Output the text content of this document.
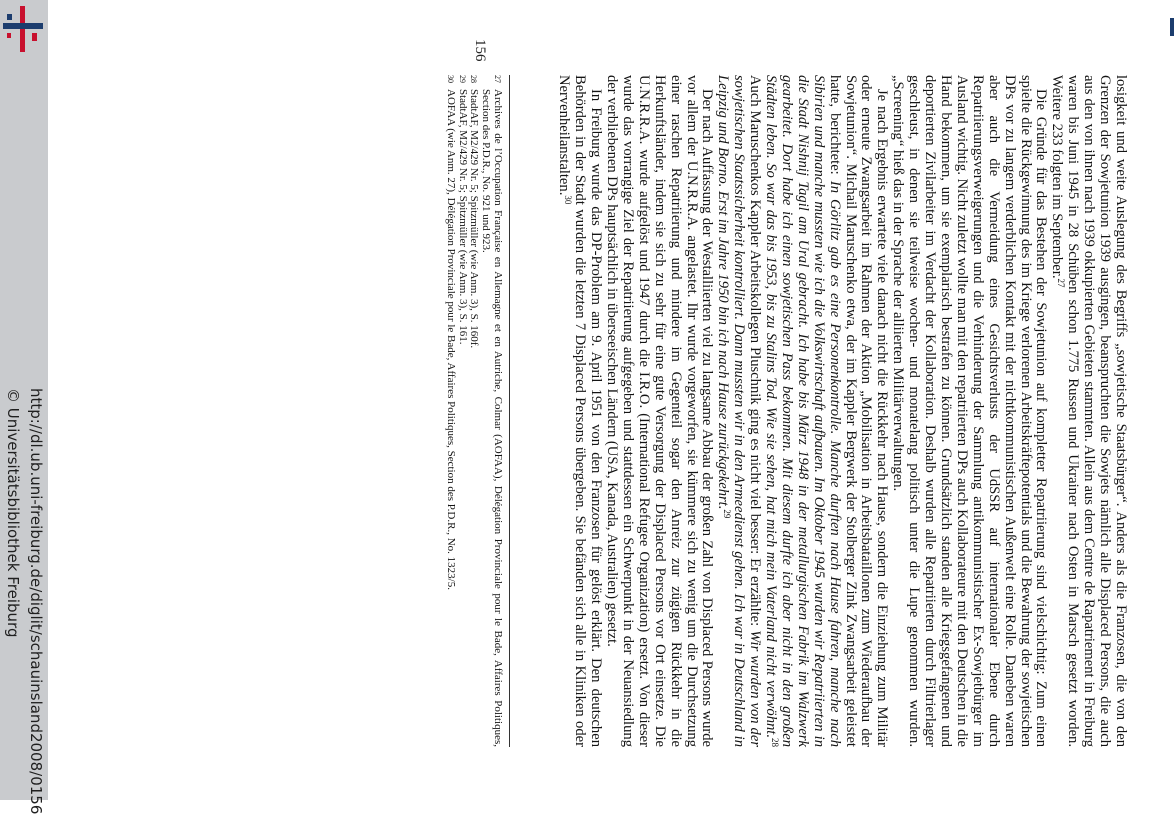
http://dl.ub.uni-freiburg.de/diglit/schauinsland2008/0156
© Universitätsbibliothek Freiburg	losigkeit und weite Auslegung des Begriffs „sowjetische Staatsbürger“. Anders als die Franzosen, die von den Grenzen der Sowjetunion 1939 ausgingen, beanspruchten die Sowjets nämlich alle Displaced Persons, die auch aus den von ihnen nach 1939 okkupierten Gebieten stammten. Allein aus dem Centre de Rapatriement in Freiburg waren bis Juni 1945 in 28 Schüben schon 1.775 Russen und Ukrainer nach Osten in Marsch gesetzt worden. Weitere 233 folgten im September.$^{27}$

Die Gründe für das Bestehen der Sowjetunion auf kompletter Repatriierung sind vielschichtig: Zum einen spielte die Rückgewinnung des im Kriege verlorenen Arbeitskräftepotentials und die Bewahrung der sowjetischen DPs vor zu langem verderblichen Kontakt mit der nichtkommunistischen Außenwelt eine Rolle. Daneben waren aber auch die Vermeidung eines Gesichtsverlusts der UdSSR auf internationaler Ebene durch Repatriierungsverweigerungen und die Verhinderung der Sammlung antikommunistischer Ex-Sowjetbürger im Ausland wichtig. Nicht zuletzt wollte man mit den repatriierten DPs auch Kollaborateure mit den Deutschen in die Hand bekommen, um sie exemplarisch bestrafen zu können. Grundsätzlich standen alle Kriegsgefangenen und deportierten Zivilarbeiter im Verdacht der Kollaboration. Deshalb wurden alle Repatriierten durch Filtrierlager geschleust, in denen sie teilweise wochen- und monatelang politisch unter die Lupe genommen wurden. „Screening“ hieß das in der Sprache der alliierten Militärverwaltungen.

Je nach Ergebnis erwartete viele danach nicht die Rückkehr nach Hause, sondern die Einziehung zum Militär oder erneute Zwangsarbeit im Rahmen der Aktion „Mobilisation in Arbeitsbataillonen zum Wiederaufbau der Sowjetunion“. Michail Maruschenko etwa, der im Kappler Bergwerk der Stolberger Zink Zwangsarbeit geleistet hatte, berichtete: In Görlitz gab es eine Personenkontrolle. Manche durften nach Hause fahren, manche nach Sibirien und manche mussten wie ich die Volkswirtschaft aufbauen. Im Oktober 1945 wurden wir Repatriierten in die Stadt Nishnij Tagil am Ural gebracht. Ich habe bis März 1948 in der metallurgischen Fabrik im Walzwerk gearbeitet. Dort habe ich einen sowjetischen Pass bekommen. Mit diesem durfte ich aber nicht in den großen Städten leben. So war das bis 1953, bis zu Stalins Tod. Wie sie sehen, hat mich mein Vaterland nicht verwöhnt.$^{28}$ Auch Maruschenkos Kappler Arbeitskollegen Pluschnik ging es nicht viel besser: Er erzählte: Wir wurden von der sowjetischen Staatssicherheit kontrolliert. Dann mussten wir in den Armeedienst gehen. Ich war in Deutschland in Leipzig und Borno. Erst im Jahre 1950 bin ich nach Hause zurückgekehrt.$^{29}$

Der nach Auffassung der Westalliierten viel zu langsame Abbau der großen Zahl von Displaced Persons wurde vor allem der U.N.R.R.A. angelastet. Ihr wurde vorgeworfen, sie kümmere sich zu wenig um die Durchsetzung einer raschen Repatriierung und mindere im Gegenteil sogar den Anreiz zur zügigen Rückkehr in die Herkunftsländer, indem sie sich zu sehr für eine gute Versorgung der Displaced Persons vor Ort einsetze. Die U.N.R.R.A. wurde aufgelöst und 1947 durch die I.R.O. (International Refugee Organization) ersetzt. Von dieser wurde das vorrangige Ziel der Repatriierung aufgegeben und stattdessen ein Schwerpunkt in der Neuansiedlung der verbliebenen DPs hauptsächlich in überseeischen Ländern (USA, Kanada, Australien) gesetzt.

In Freiburg wurde das DP-Problem am 9. April 1951 von den Franzosen für gelöst erklärt. Den deutschen Behörden in der Stadt wurden die letzten 7 Displaced Persons übergeben. Sie befänden sich alle in Kliniken oder Nervenheilanstalten.$^{30}$

27
Archives de l’Occupation Française en Allemagne et en Autriche, Colmar (AOFAA), Délégation Provinciale pour le Bade, Affaires Politiques, Section des P.D.R., No. 921 und 923.
28
StadtAF, M2/429 Nr. 5; Spitzmüller (wie Anm. 3), S. 160f.
29
StadtAF, M2/429 Nr. 5; Spitzmüller (wie Anm. 3), S. 161.
30
AOFAA (wie Anm. 27), Délégation Provinciale pour le Bade, Affaires Politiques, Section des P.D.R., No. 1323/5.
156
